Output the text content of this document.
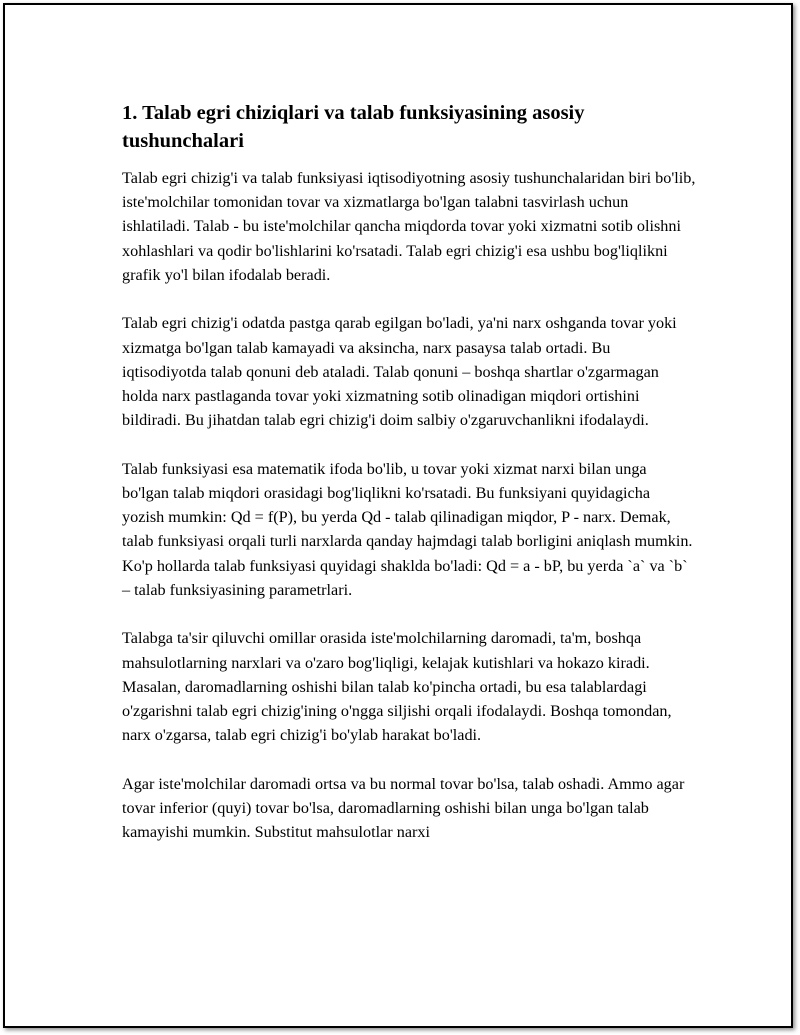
1. Talab egri chiziqlari va talab funksiyasining asosiy tushunchalari

Talab egri chizig'i va talab funksiyasi iqtisodiyotning asosiy tushunchalaridan biri bo'lib, iste'molchilar tomonidan tovar va xizmatlarga bo'lgan talabni tasvirlash uchun ishlatiladi. Talab - bu iste'molchilar qancha miqdorda tovar yoki xizmatni sotib olishni xohlashlari va qodir bo'lishlarini ko'rsatadi. Talab egri chizig'i esa ushbu bog'liqlikni grafik yo'l bilan ifodalab beradi.

Talab egri chizig'i odatda pastga qarab egilgan bo'ladi, ya'ni narx oshganda tovar yoki xizmatga bo'lgan talab kamayadi va aksincha, narx pasaysa talab ortadi. Bu iqtisodiyotda talab qonuni deb ataladi. Talab qonuni – boshqa shartlar o'zgarmagan holda narx pastlaganda tovar yoki xizmatning sotib olinadigan miqdori ortishini bildiradi. Bu jihatdan talab egri chizig'i doim salbiy o'zgaruvchanlikni ifodalaydi.

Talab funksiyasi esa matematik ifoda bo'lib, u tovar yoki xizmat narxi bilan unga bo'lgan talab miqdori orasidagi bog'liqlikni ko'rsatadi. Bu funksiyani quyidagicha yozish mumkin: Qd = f(P), bu yerda Qd - talab qilinadigan miqdor, P - narx. Demak, talab funksiyasi orqali turli narxlarda qanday hajmdagi talab borligini aniqlash mumkin. Ko'p hollarda talab funksiyasi quyidagi shaklda bo'ladi: Qd = a - bP, bu yerda `a` va `b` – talab funksiyasining parametrlari.

Talabga ta'sir qiluvchi omillar orasida iste'molchilarning daromadi, ta'm, boshqa mahsulotlarning narxlari va o'zaro bog'liqligi, kelajak kutishlari va hokazo kiradi. Masalan, daromadlarning oshishi bilan talab ko'pincha ortadi, bu esa talablardagi o'zgarishni talab egri chizig'ining o'ngga siljishi orqali ifodalaydi. Boshqa tomondan, narx o'zgarsa, talab egri chizig'i bo'ylab harakat bo'ladi.

Agar iste'molchilar daromadi ortsa va bu normal tovar bo'lsa, talab oshadi. Ammo agar tovar inferior (quyi) tovar bo'lsa, daromadlarning oshishi bilan unga bo'lgan talab kamayishi mumkin. Substitut mahsulotlar narxi
